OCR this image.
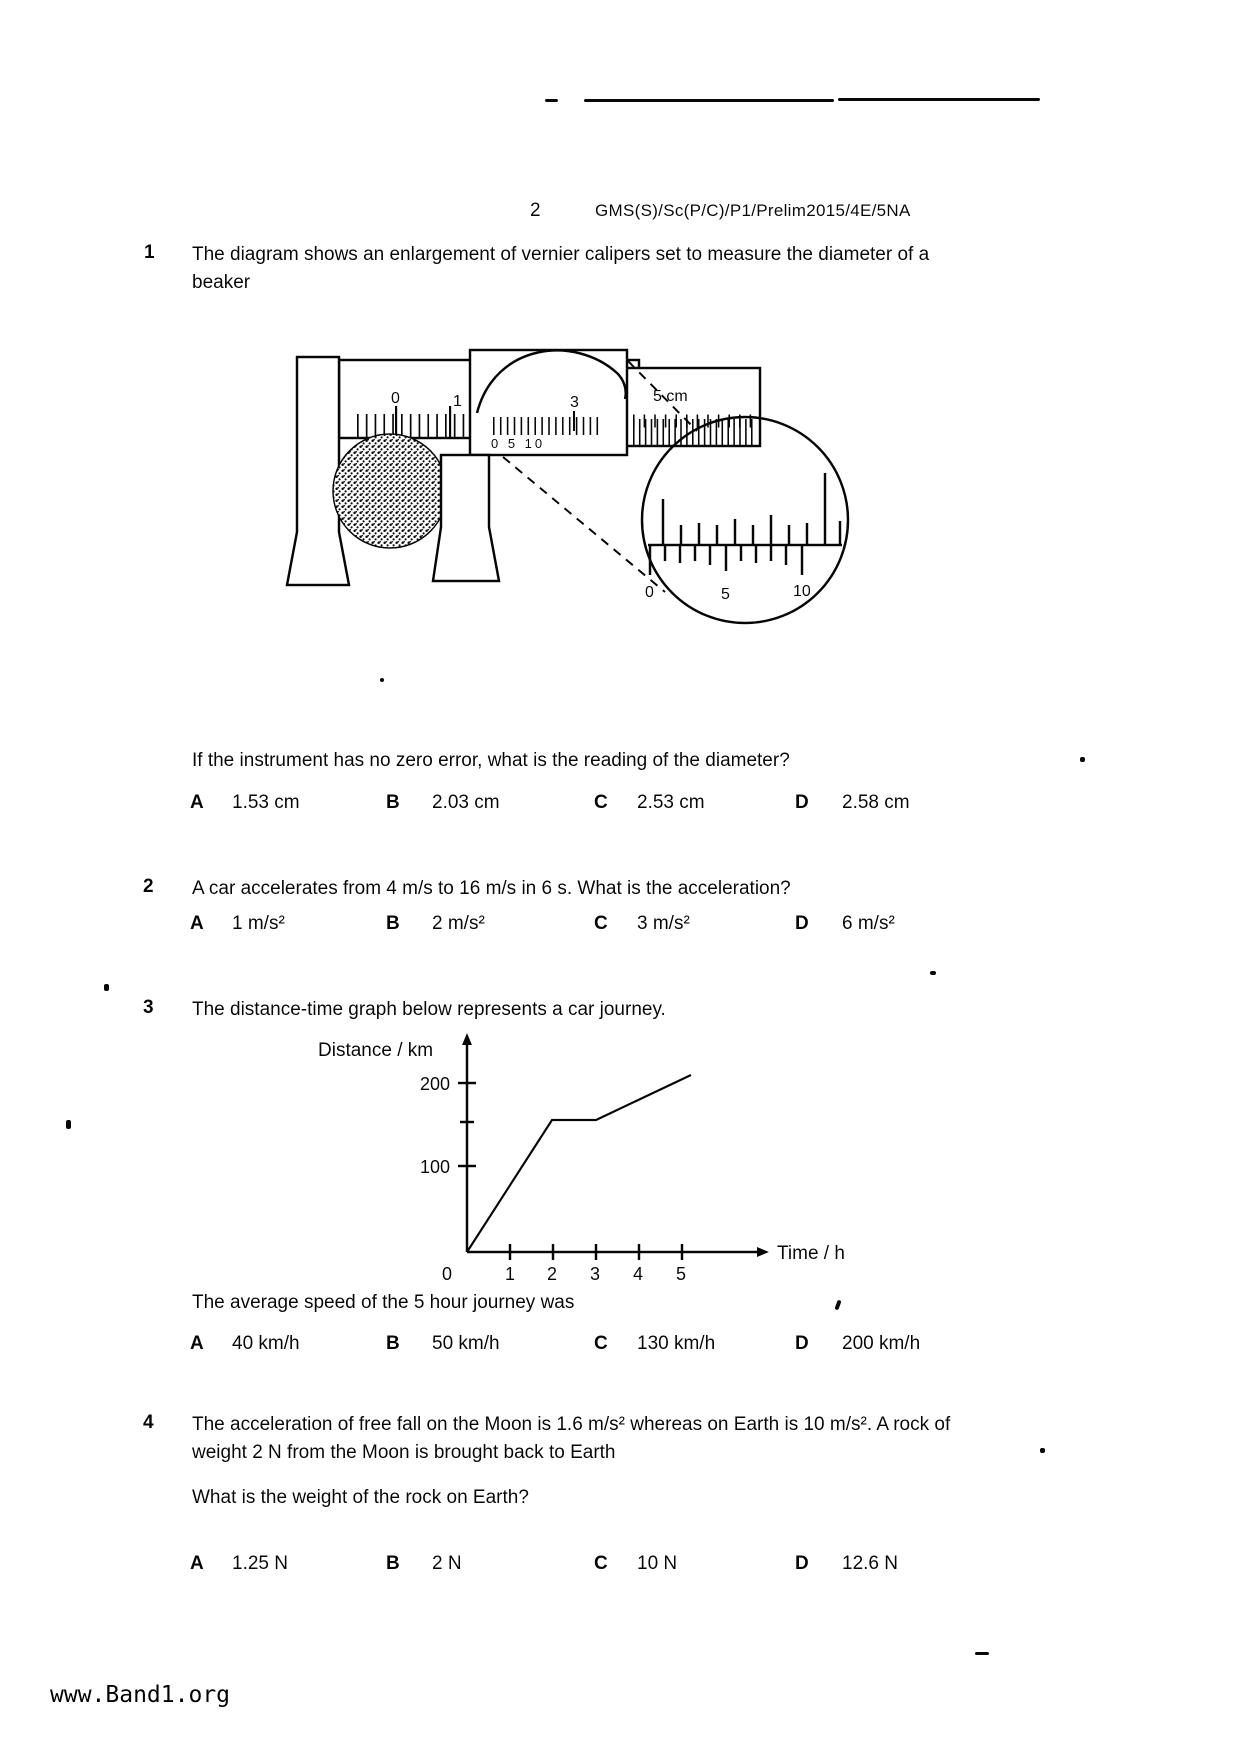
2	GMS(S)/Sc(P/C)/P1/Prelim2015/4E/5NA
1 The diagram shows an enlargement of vernier calipers set to measure the diameter of a beaker
0	1	5 cm
3
0 5 10
0	5	10
If the instrument has no zero error, what is the reading of the diameter?
A 1.53 cm	B 2.03 cm	C 2.53 cm	D 2.58 cm
2 A car accelerates from 4 m/s to 16 m/s in 6 s. What is the acceleration?
A 1 m/s²	B 2 m/s²	C 3 m/s²	D 6 m/s²
3 The distance-time graph below represents a car journey.
Distance / km
200
100
0	1 2 3 4 5
Time / h
The average speed of the 5 hour journey was
A 40 km/h	B 50 km/h	C 130 km/h	D 200 km/h
4 The acceleration of free fall on the Moon is 1.6 m/s² whereas on Earth is 10 m/s². A rock of weight 2 N from the Moon is brought back to Earth
What is the weight of the rock on Earth?
A 1.25 N	B 2 N	C 10 N	D 12.6 N
www.Band1.org
